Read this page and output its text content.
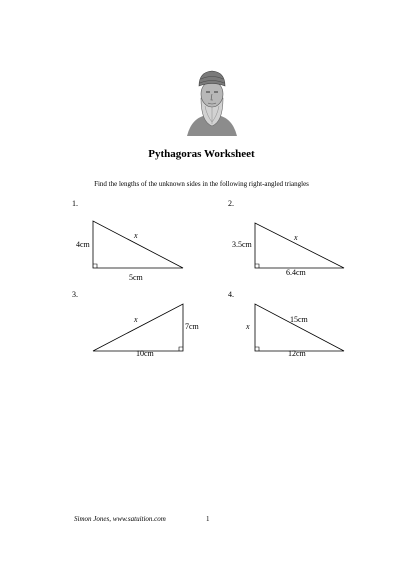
Pythagoras Worksheet
Find the lengths of the unknown sides in the following right-angled triangles
1.
4cm
5cm
x
2.
3.5cm
6.4cm
x
3.
7cm
10cm
x
4.
x
12cm
15cm
Simon Jones, www.satuition.com	1
